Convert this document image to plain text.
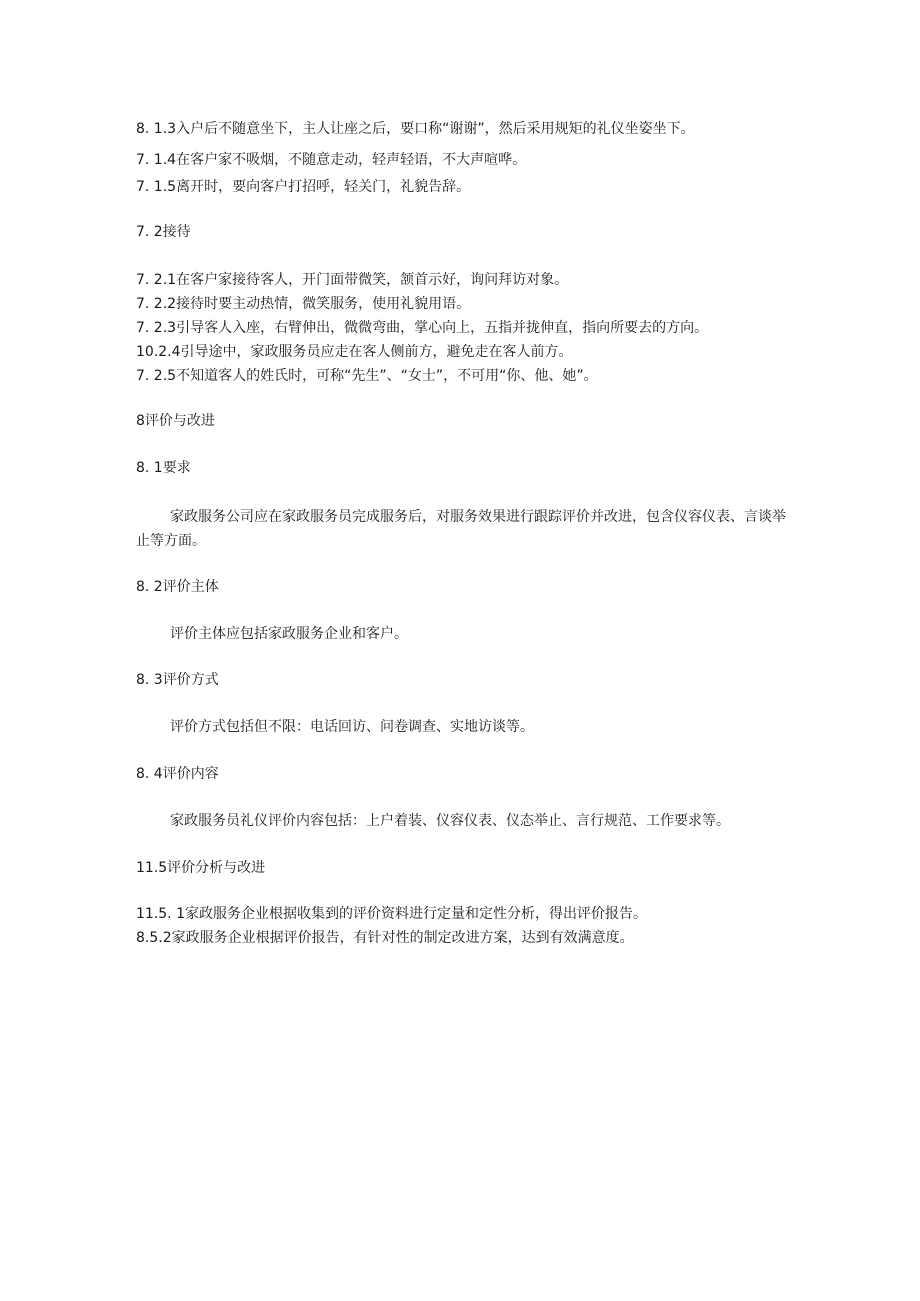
8. 1.3入户后不随意坐下，主人让座之后，要口称“谢谢”，然后采用规矩的礼仪坐姿坐下。
7. 1.4在客户家不吸烟，不随意走动，轻声轻语，不大声喧哗。
7. 1.5离开时，要向客户打招呼，轻关门，礼貌告辞。
7. 2接待
7. 2.1在客户家接待客人，开门面带微笑，颔首示好，询问拜访对象。
7. 2.2接待时要主动热情，微笑服务，使用礼貌用语。
7. 2.3引导客人入座，右臂伸出，微微弯曲，掌心向上，五指并拢伸直，指向所要去的方向。
10.2.4引导途中，家政服务员应走在客人侧前方，避免走在客人前方。
7. 2.5不知道客人的姓氏时，可称“先生”、“女士”，不可用“你、他、她”。
8评价与改进
8. 1要求
家政服务公司应在家政服务员完成服务后，对服务效果进行跟踪评价并改进，包含仪容仪表、言谈举止等方面。
8. 2评价主体
评价主体应包括家政服务企业和客户。
8. 3评价方式
评价方式包括但不限：电话回访、问卷调查、实地访谈等。
8. 4评价内容
家政服务员礼仪评价内容包括：上户着装、仪容仪表、仪态举止、言行规范、工作要求等。
11.5评价分析与改进
11.5. 1家政服务企业根据收集到的评价资料进行定量和定性分析，得出评价报告。
8.5.2家政服务企业根据评价报告，有针对性的制定改进方案，达到有效满意度。
